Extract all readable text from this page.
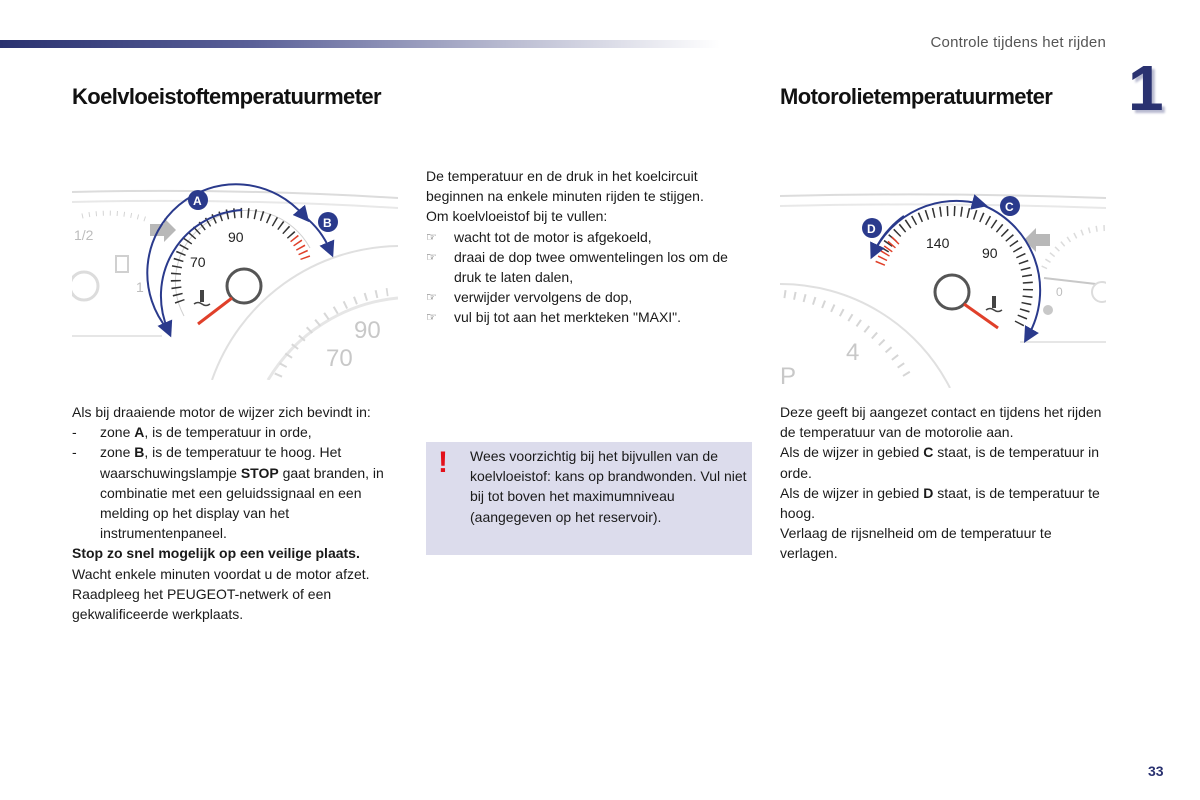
Controle tijdens het rijden
1
Koelvloeistoftemperatuurmeter	Motorolietemperatuurmeter
1/2
1
90
70
90
70
A
B
4
P
0
140
90
C
D
De temperatuur en de druk in het koelcircuit beginnen na enkele minuten rijden te stijgen.
Om koelvloeistof bij te vullen:
☞ wacht tot de motor is afgekoeld,
☞ draai de dop twee omwentelingen los om de druk te laten dalen,
☞ verwijder vervolgens de dop,
☞ vul bij tot aan het merkteken "MAXI".
! Wees voorzichtig bij het bijvullen van de koelvloeistof: kans op brandwonden. Vul niet bij tot boven het maximumniveau (aangegeven op het reservoir).
Als bij draaiende motor de wijzer zich bevindt in:
- zone A, is de temperatuur in orde,
- zone B, is de temperatuur te hoog. Het waarschuwingslampje STOP gaat branden, in combinatie met een geluidssignaal en een melding op het display van het instrumentenpaneel.
Stop zo snel mogelijk op een veilige plaats.
Wacht enkele minuten voordat u de motor afzet. Raadpleeg het PEUGEOT-netwerk of een gekwalificeerde werkplaats.
Deze geeft bij aangezet contact en tijdens het rijden de temperatuur van de motorolie aan.
Als de wijzer in gebied C staat, is de temperatuur in orde.
Als de wijzer in gebied D staat, is de temperatuur te hoog.
Verlaag de rijsnelheid om de temperatuur te verlagen.
33
